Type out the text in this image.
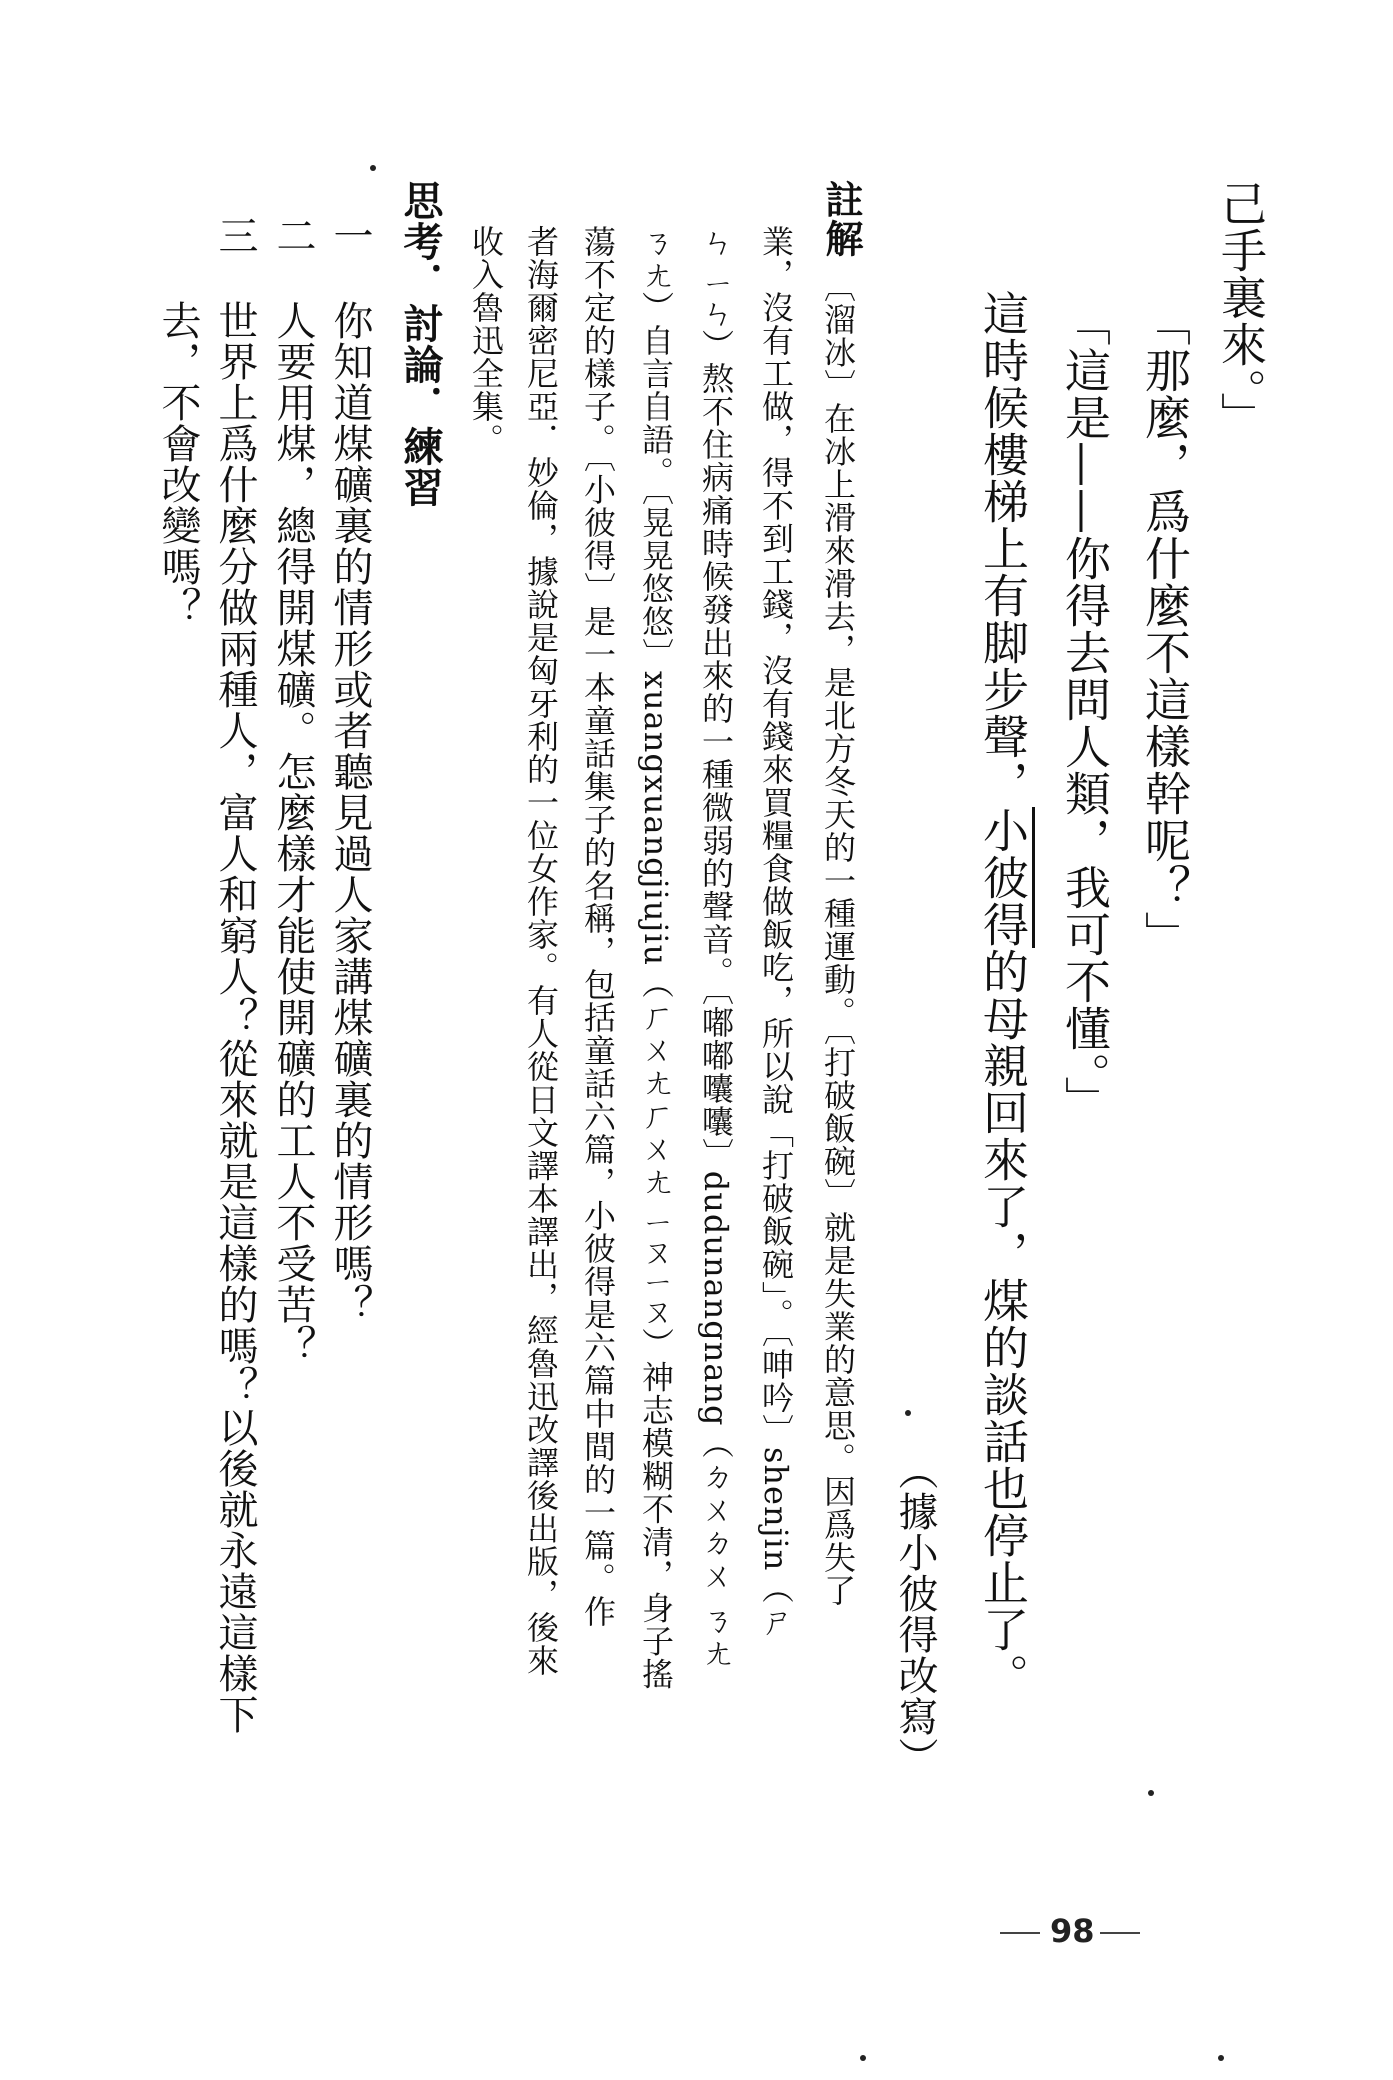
己手裏來。」
「那麼，爲什麼不這樣幹呢？」
「這是——你得去問人類，我可不懂。」
這時候樓梯上有脚步聲，小彼得的母親回來了，煤的談話也停止了。
（據小彼得改寫）
註解
〔溜冰〕在冰上滑來滑去，是北方冬天的一種運動。〔打破飯碗〕就是失業的意思。因爲失了
業，沒有工做，得不到工錢，沒有錢來買糧食做飯吃，所以說「打破飯碗」。〔呻吟〕shenjin（ㄕ
ㄣ ㄧㄣ）熬不住病痛時候發出來的一種微弱的聲音。〔嘟嘟囔囔〕dudunangnang（ㄉㄨㄉㄨ ㄋㄤ
ㄋㄤ）自言自語。〔晃晃悠悠〕xuangxuangjiujiu（ㄏㄨㄤㄏㄨㄤ ㄧㄡㄧㄡ）神志模糊不清，身子搖
蕩不定的樣子。〔小彼得〕是一本童話集子的名稱，包括童話六篇，小彼得是六篇中間的一篇。作
者海爾密尼亞．妙倫，據說是匈牙利的一位女作家。有人從日文譯本譯出，經魯迅改譯後出版，後來
收入魯迅全集。
思考．討論．練習
一
你知道煤礦裏的情形或者聽見過人家講煤礦裏的情形嗎？
二
人要用煤，總得開煤礦。怎麼樣才能使開礦的工人不受苦？
三
世界上爲什麼分做兩種人，富人和窮人？從來就是這樣的嗎？以後就永遠這樣下
去，不會改變嗎？
98
